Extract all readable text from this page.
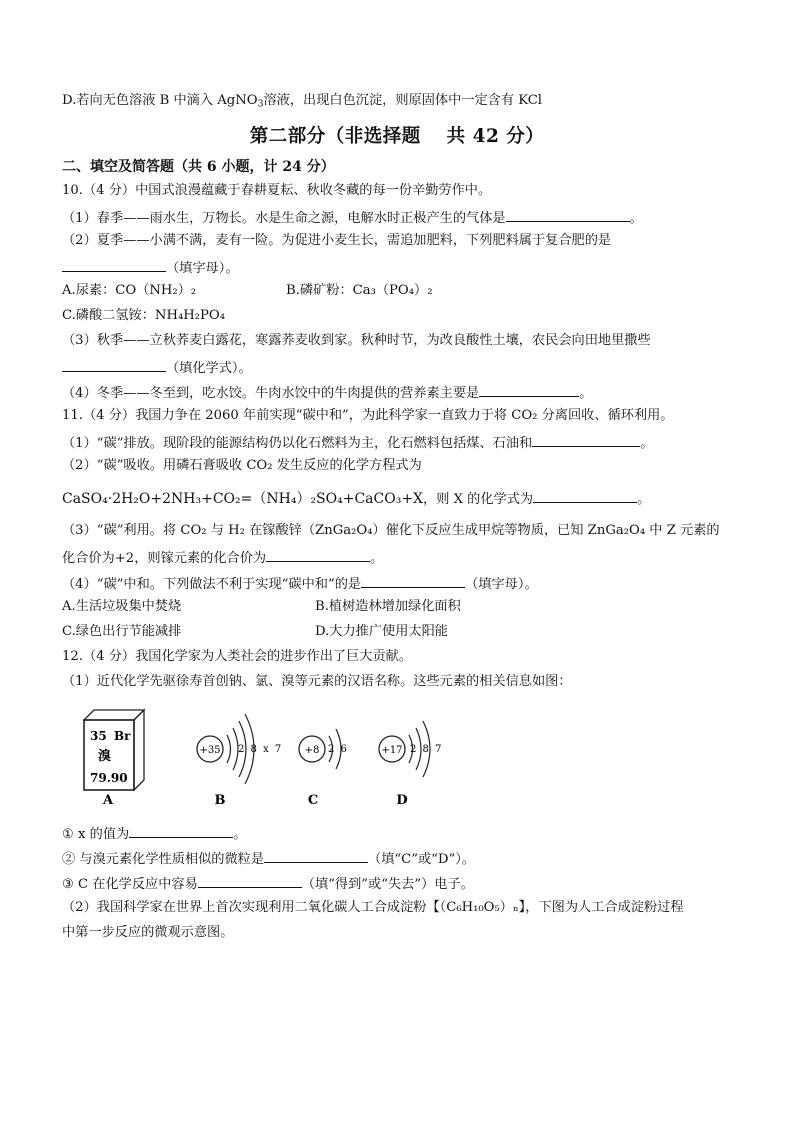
D.若向无色溶液 B 中滴入 AgNO$_3$溶液，出现白色沉淀，则原固体中一定含有 KCl
第二部分（非选择题　 共 42 分）
二、填空及简答题（共 6 小题，计 24 分）
10.（4 分）中国式浪漫蕴藏于春耕夏耘、秋收冬藏的每一份辛勤劳作中。
（1）春季——雨水生，万物长。水是生命之源，电解水时正极产生的气体是	。
（2）夏季——小满不满，麦有一险。为促进小麦生长，需追加肥料，下列肥料属于复合肥的是
（填字母）。
A.尿素：CO（NH₂）₂	B.磷矿粉：Ca₃（PO₄）₂
C.磷酸二氢铵：NH₄H₂PO₄
（3）秋季——立秋荞麦白露花，寒露荞麦收到家。秋种时节，为改良酸性土壤，农民会向田地里撒些
（填化学式）。
（4）冬季——冬至到，吃水饺。牛肉水饺中的牛肉提供的营养素主要是	。
11.（4 分）我国力争在 2060 年前实现“碳中和”，为此科学家一直致力于将 CO₂ 分离回收、循环利用。
（1）“碳”排放。现阶段的能源结构仍以化石燃料为主，化石燃料包括煤、石油和	。
（2）“碳”吸收。用磷石膏吸收 CO₂ 发生反应的化学方程式为
CaSO₄·2H₂O+2NH₃+CO₂=（NH₄）₂SO₄+CaCO₃+X，则 X 的化学式为	。
（3）“碳”利用。将 CO₂ 与 H₂ 在镓酸锌（ZnGa₂O₄）催化下反应生成甲烷等物质，已知 ZnGa₂O₄ 中 Z 元素的
化合价为+2，则镓元素的化合价为	。
（4）“碳”中和。下列做法不利于实现“碳中和”的是	（填字母）。
A.生活垃圾集中焚烧	B.植树造林增加绿化面积
C.绿色出行节能减排	D.大力推广使用太阳能
12.（4 分）我国化学家为人类社会的进步作出了巨大贡献。
（1）近代化学先驱徐寿首创钠、氯、溴等元素的汉语名称。这些元素的相关信息如图：
35 Br
溴
79.90
+35 2 8 x 7 +8 2 6	+17 2 8 7
A	B	C	D
① x 的值为	。
② 与溴元素化学性质相似的微粒是	（填“C”或“D”）。
③ C 在化学反应中容易	（填“得到”或“失去”）电子。
（2）我国科学家在世界上首次实现利用二氧化碳人工合成淀粉【（C₆H₁₀O₅）ₙ】，下图为人工合成淀粉过程
中第一步反应的微观示意图。
